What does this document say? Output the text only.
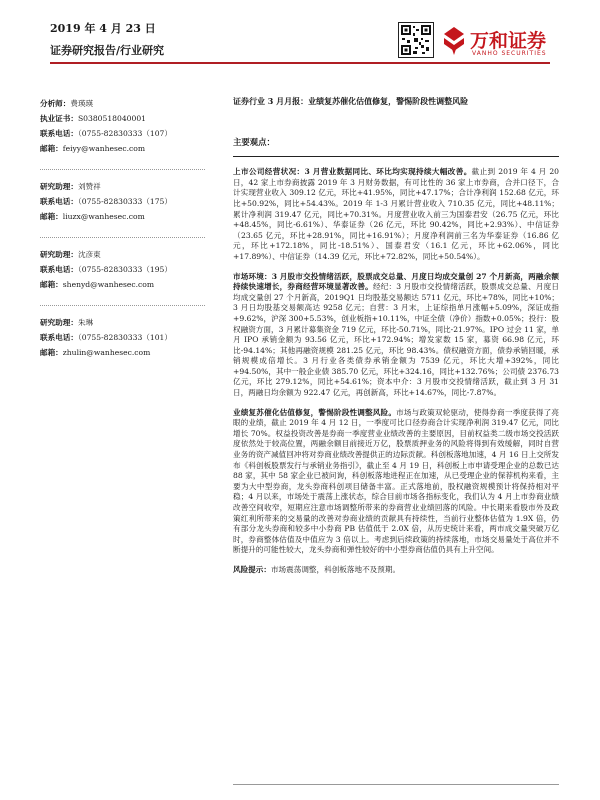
2019 年 4 月 23 日
证券研究报告/行业研究	万和证券
VANHO SECURITIES
分析师：费瑛瑛
执业证书：S0380518040001
联系电话：（0755-82830333（107）
邮箱：feiyy@wanhesec.com
研究助理：刘赞祥
联系电话：（0755-82830333（175）
邮箱：liuzx@wanhesec.com
研究助理：沈彦東
联系电话：（0755-82830333（195）
邮箱：shenyd@wanhesec.com
研究助理：朱琳
联系电话：（0755-82830333（101）
邮箱：zhulin@wanhesec.com
证券行业 3 月月报：业绩复苏催化估值修复，警惕阶段性调整风险
主要观点：
上市公司经营状况：3 月营业数据同比、环比均实现持续大幅改善。截止到 2019 年 4 月 20 日，42 家上市券商披露 2019 年 3 月财务数据，有可比性的 36 家上市券商，合并口径下，合计实现营业收入 309.12 亿元，环比+41.95%，同比+47.17%；合计净利润 152.68 亿元，环比+50.92%，同比+54.43%。2019 年 1-3 月累计营业收入 710.35 亿元，同比+48.11%；累计净利润 319.47 亿元，同比+70.31%。月度营业收入前三为国泰君安（26.75 亿元，环比+48.45%，同比-6.61%）、华泰证券（26 亿元，环比 90.42%，同比+2.93%）、中信证券（23.65 亿元，环比+28.91%，同比+16.91%）；月度净利润前三名为华泰证券（16.86 亿元，环比+172.18%，同比-18.51%）、国泰君安（16.1 亿元，环比+62.06%，同比+17.89%）、中信证券（14.39 亿元，环比+72.82%，同比+50.54%）。
市场环境：3 月股市交投情绪活跃，股票成交总量、月度日均成交量创 27 个月新高，两融余额持续快速增长，券商经营环境显著改善。经纪：3 月股市交投情绪活跃，股票成交总量、月度日均成交量创 27 个月新高，2019Q1 日均股基交易额达 5711 亿元，环比+78%，同比+10%；3 月日均股基交易额高达 9258 亿元；自营：3 月末，上证综指单月涨幅+5.09%，深证成指+9.62%，沪深 300+5.53%，创业板指+10.11%，中证全债（净价）指数+0.05%；投行：股权融资方面，3 月累计募集资金 719 亿元，环比-50.71%，同比-21.97%。IPO 过会 11 家，单月 IPO 承销金额为 93.56 亿元，环比+172.94%；增发家数 15 家，募资 66.98 亿元，环比-94.14%；其他再融资规模 281.25 亿元，环比 98.43%。债权融资方面，债券承销回暖，承销规模成倍增长。3 月行业各类债券承销金额为 7539 亿元，环比大增+392%，同比+94.50%，其中一般企业债 385.70 亿元，环比+324.16，同比+132.76%；公司债 2376.73 亿元，环比 279.12%，同比+54.61%；资本中介：3 月股市交投情绪活跃，截止到 3 月 31 日，两融日均余额为 922.47 亿元，再创新高，环比+14.67%，同比-7.87%。
业绩复苏催化估值修复，警惕阶段性调整风险。市场与政策双轮驱动，使得券商一季度获得了亮眼的业绩，截止 2019 年 4 月 12 日，一季度可比口径券商合计实现净利润 319.47 亿元，同比增长 70%。权益投资改善是券商一季度营业业绩改善的主要原因，目前权益类二级市场交投活跃度依然处于较高位置，两融余额目前接近万亿，股票质押业务的风险将得到有效缓解，同时自营业务的资产减值回冲将对券商业绩改善提供正的边际贡献。科创板落地加速，4 月 16 日上交所发布《科创板股票发行与承销业务指引》，截止至 4 月 19 日，科创板上市申请受理企业的总数已达 88 家，其中 58 家企业已被问询，科创板落地进程正在加速，从已受理企业的保荐机构来看，主要为大中型券商，龙头券商科创项目储备丰富。正式落地前，股权融资规模预计将保持相对平稳；4 月以来，市场处于震荡上涨状态，综合目前市场各指标变化，我们认为 4 月上市券商业绩改善空间收窄，短期应注意市场调整所带来的券商营业业绩回落的风险。中长期来看股市外及政策红利所带来的交易量的改善对券商业绩的贡献具有持续性，当前行业整体估值为 1.9X 倍，仍有部分龙头券商和较多中小券商 PB 估值低于 2.0X 倍，从历史统计来看，两市成交量突破万亿时，券商整体估值及中值应为 3 倍以上。考虑到后续政策的持续落地，市场交易量处于高位并不断提升的可能性较大，龙头券商和弹性较好的中小型券商估值仍具有上升空间。
风险提示：市场震荡调整，科创板落地不及预期。
